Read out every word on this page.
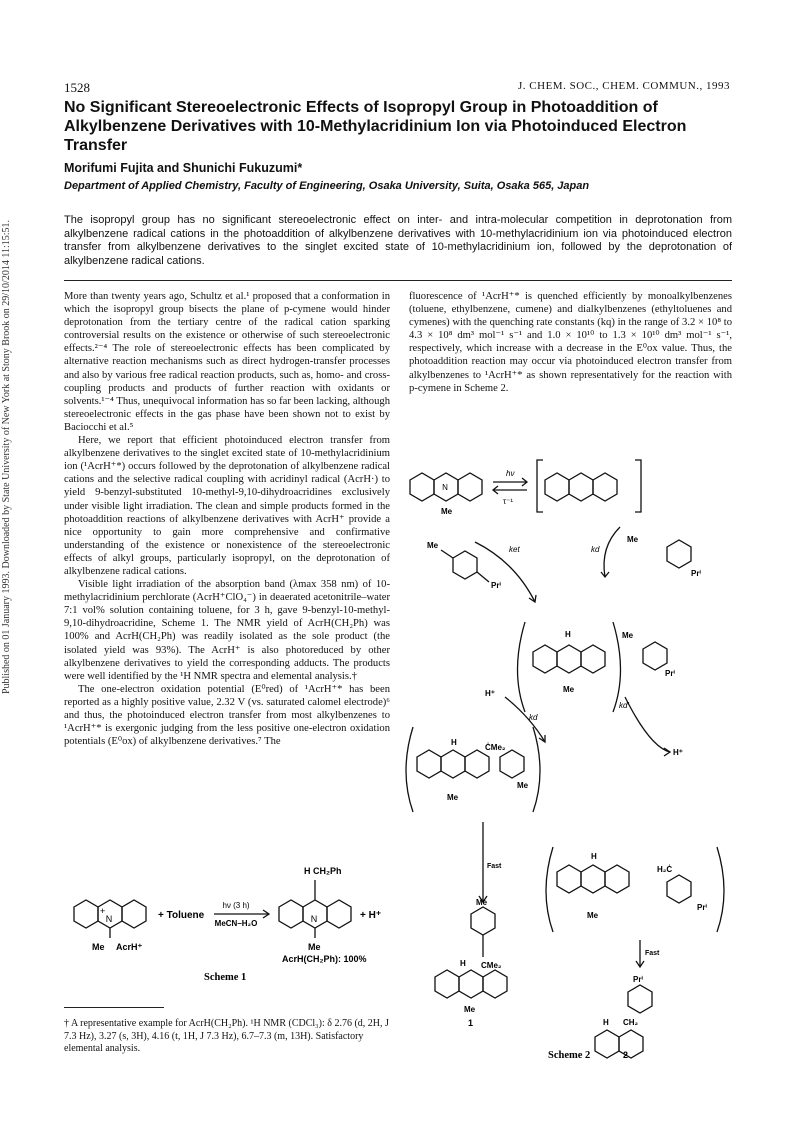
Published on 01 January 1993. Downloaded by State University of New York at Stony Brook on 29/10/2014 11:15:51.
1528	J. CHEM. SOC., CHEM. COMMUN., 1993
No Significant Stereoelectronic Effects of Isopropyl Group in Photoaddition of Alkylbenzene Derivatives with 10-Methylacridinium Ion via Photoinduced Electron Transfer
Morifumi Fujita and Shunichi Fukuzumi*
Department of Applied Chemistry, Faculty of Engineering, Osaka University, Suita, Osaka 565, Japan
The isopropyl group has no significant stereoelectronic effect on inter- and intra-molecular competition in deprotonation from alkylbenzene radical cations in the photoaddition of alkylbenzene derivatives with 10-methylacridinium ion via photoinduced electron transfer from alkylbenzene derivatives to the singlet excited state of 10-methylacridinium ion, followed by the deprotonation of alkylbenzene radical cations.

More than twenty years ago, Schultz et al.¹ proposed that a conformation in which the isopropyl group bisects the plane of p-cymene would hinder deprotonation from the tertiary centre of the radical cation sparking controversial results on the existence or otherwise of such stereoelectronic effects.²⁻⁴ The role of stereoelectronic effects has been complicated by alternative reaction mechanisms such as direct hydrogen-transfer processes and also by various free radical reaction products, such as, homo- and cross-coupling products and products of further reaction with oxidants or solvents.¹⁻⁴ Thus, unequivocal information has so far been lacking, although stereoelectronic effects in the gas phase have been shown not to exist by Baciocchi et al.⁵

Here, we report that efficient photoinduced electron transfer from alkylbenzene derivatives to the singlet excited state of 10-methylacridinium ion (¹AcrH⁺*) occurs followed by the deprotonation of alkylbenzene radical cations and the selective radical coupling with acridinyl radical (AcrH·) to yield 9-benzyl-substituted 10-methyl-9,10-dihydroacridines exclusively under visible light irradiation. The clean and simple products formed in the photoaddition reactions of alkylbenzene derivatives with AcrH⁺ provide a nice opportunity to gain more comprehensive and confirmative understanding of the existence or nonexistence of the stereoelectronic effects of alkyl groups, particularly isopropyl, on the deprotonation of alkylbenzene radical cations.

Visible light irradiation of the absorption band (λmax 358 nm) of 10-methylacridinium perchlorate (AcrH⁺ClO₄⁻) in deaerated acetonitrile–water 7:1 vol% solution containing toluene, for 3 h, gave 9-benzyl-10-methyl-9,10-dihydroacridine, Scheme 1. The NMR yield of AcrH(CH₂Ph) was 100% and AcrH(CH₂Ph) was readily isolated as the sole product (the isolated yield was 93%). The AcrH⁺ is also photoreduced by other alkylbenzene derivatives to yield the corresponding adducts. The products were well identified by the ¹H NMR spectra and elemental analysis.†

The one-electron oxidation potential (E⁰red) of ¹AcrH⁺* has been reported as a highly positive value, 2.32 V (vs. saturated calomel electrode)⁶ and thus, the photoinduced electron transfer from most alkylbenzenes to ¹AcrH⁺* is exergonic judging from the less positive one-electron oxidation potentials (E⁰ox) of alkylbenzene derivatives.⁷ The

fluorescence of ¹AcrH⁺* is quenched efficiently by monoalkylbenzenes (toluene, ethylbenzene, cumene) and dialkylbenzenes (ethyltoluenes and cymenes) with the quenching rate constants (kq) in the range of 3.2 × 10⁸ to 4.3 × 10⁸ dm³ mol⁻¹ s⁻¹ and 1.0 × 10¹⁰ to 1.3 × 10¹⁰ dm³ mol⁻¹ s⁻¹, respectively, which increase with a decrease in the E⁰ox value. Thus, the photoaddition reaction may occur via photoinduced electron transfer from alkylbenzenes to ¹AcrH⁺* as shown representatively for the reaction with p-cymene in Scheme 2.

N
+
Me AcrH⁺
+ Toluene
hν (3 h)
MeCN–H₂O	N
H CH₂Ph
+ H⁺
Me
AcrH(CH₂Ph): 100%
Scheme 1
† A representative example for AcrH(CH₂Ph). ¹H NMR (CDCl₃): δ 2.76 (d, 2H, J 7.3 Hz), 3.27 (s, 3H), 4.16 (t, 1H, J 7.3 Hz), 6.7–7.3 (m, 13H). Satisfactory elemental analysis.
N
Me
hν
τ⁻¹
ket	kd
Me
Prⁱ
Me
Prⁱ
Me
Prⁱ
H
Me
H⁺
kd
kd′
H⁺
H
ĊMe₂
Me
Me
H
H₂Ċ
Prⁱ
Me
Fast
Fast
Me
H CMe₂
Me
1
Prⁱ
H CH₂
Scheme 2	2
